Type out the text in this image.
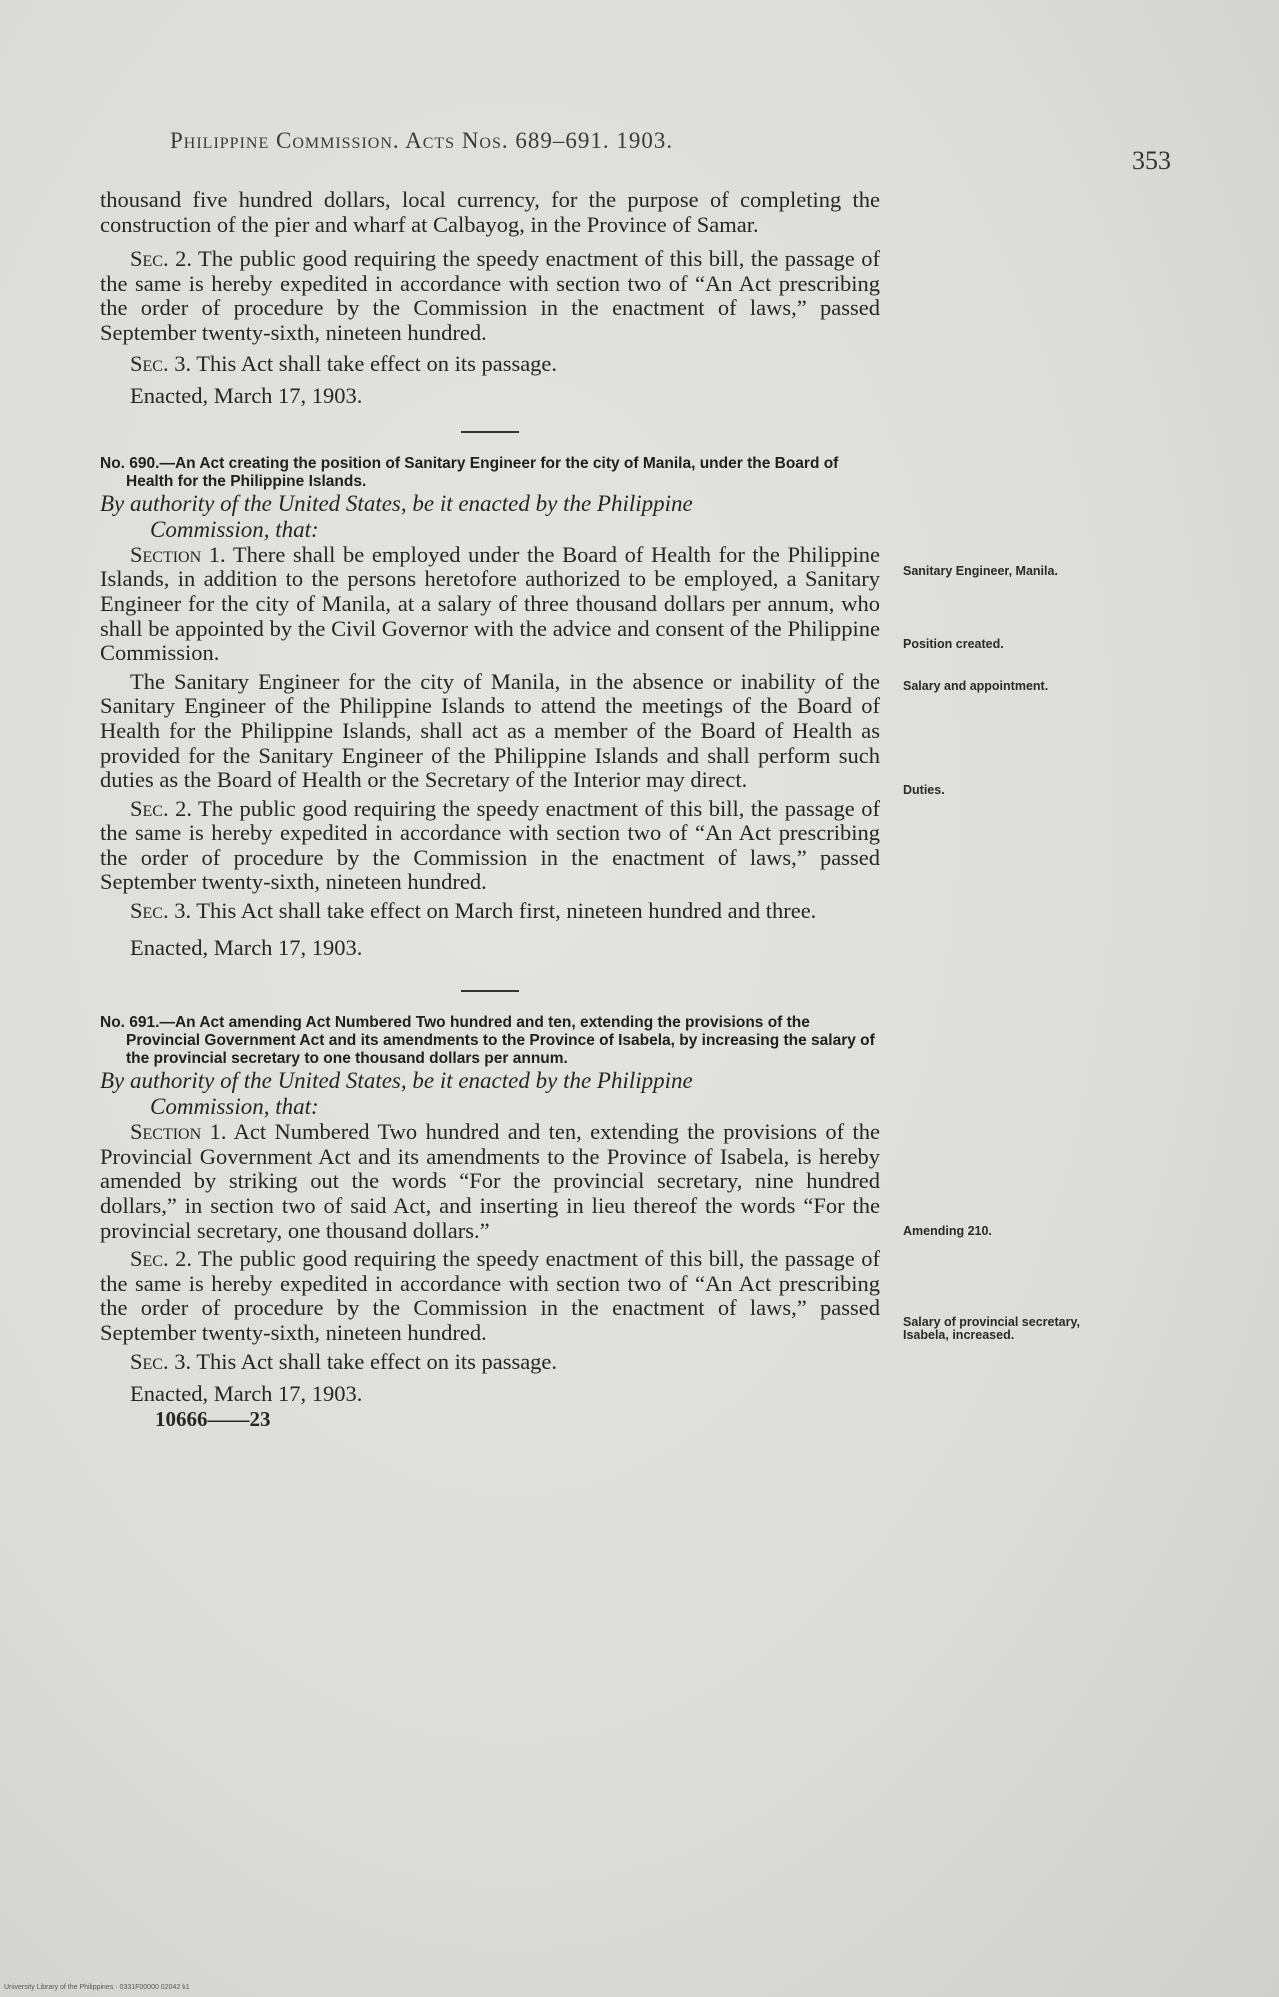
Philippine Commission. Acts Nos. 689–691. 1903.
353
Sanitary Engineer, Manila.
Position created.
Salary and appointment.
Duties.
Amending 210.
Salary of provincial secretary, Isabela, increased.

thousand five hundred dollars, local currency, for the purpose of completing the construction of the pier and wharf at Calbayog, in the Province of Samar.

Sec. 2. The public good requiring the speedy enactment of this bill, the passage of the same is hereby expedited in accordance with section two of “An Act prescribing the order of procedure by the Commission in the enactment of laws,” passed September twenty-sixth, nineteen hundred.

Sec. 3. This Act shall take effect on its passage.

Enacted, March 17, 1903.

No. 690.—An Act creating the position of Sanitary Engineer for the city of Manila, under the Board of Health for the Philippine Islands.

By authority of the United States, be it enacted by the Philippine
Commission, that:

Section 1. There shall be employed under the Board of Health for the Philippine Islands, in addition to the persons heretofore authorized to be employed, a Sanitary Engineer for the city of Manila, at a salary of three thousand dollars per annum, who shall be appointed by the Civil Governor with the advice and consent of the Philippine Commission.

The Sanitary Engineer for the city of Manila, in the absence or inability of the Sanitary Engineer of the Philippine Islands to attend the meetings of the Board of Health for the Philippine Islands, shall act as a member of the Board of Health as provided for the Sanitary Engineer of the Philippine Islands and shall perform such duties as the Board of Health or the Secretary of the Interior may direct.

Sec. 2. The public good requiring the speedy enactment of this bill, the passage of the same is hereby expedited in accordance with section two of “An Act prescribing the order of procedure by the Commission in the enactment of laws,” passed September twenty-sixth, nineteen hundred.

Sec. 3. This Act shall take effect on March first, nineteen hundred and three.

Enacted, March 17, 1903.

No. 691.—An Act amending Act Numbered Two hundred and ten, extending the provisions of the Provincial Government Act and its amendments to the Province of Isabela, by increasing the salary of the provincial secretary to one thousand dollars per annum.

By authority of the United States, be it enacted by the Philippine
Commission, that:

Section 1. Act Numbered Two hundred and ten, extending the provisions of the Provincial Government Act and its amendments to the Province of Isabela, is hereby amended by striking out the words “For the provincial secretary, nine hundred dollars,” in section two of said Act, and inserting in lieu thereof the words “For the provincial secretary, one thousand dollars.”

Sec. 2. The public good requiring the speedy enactment of this bill, the passage of the same is hereby expedited in accordance with section two of “An Act prescribing the order of procedure by the Commission in the enactment of laws,” passed September twenty-sixth, nineteen hundred.

Sec. 3. This Act shall take effect on its passage.

Enacted, March 17, 1903.

10666——23

University Library of the Philippines · 0331F00000 02042 k1
